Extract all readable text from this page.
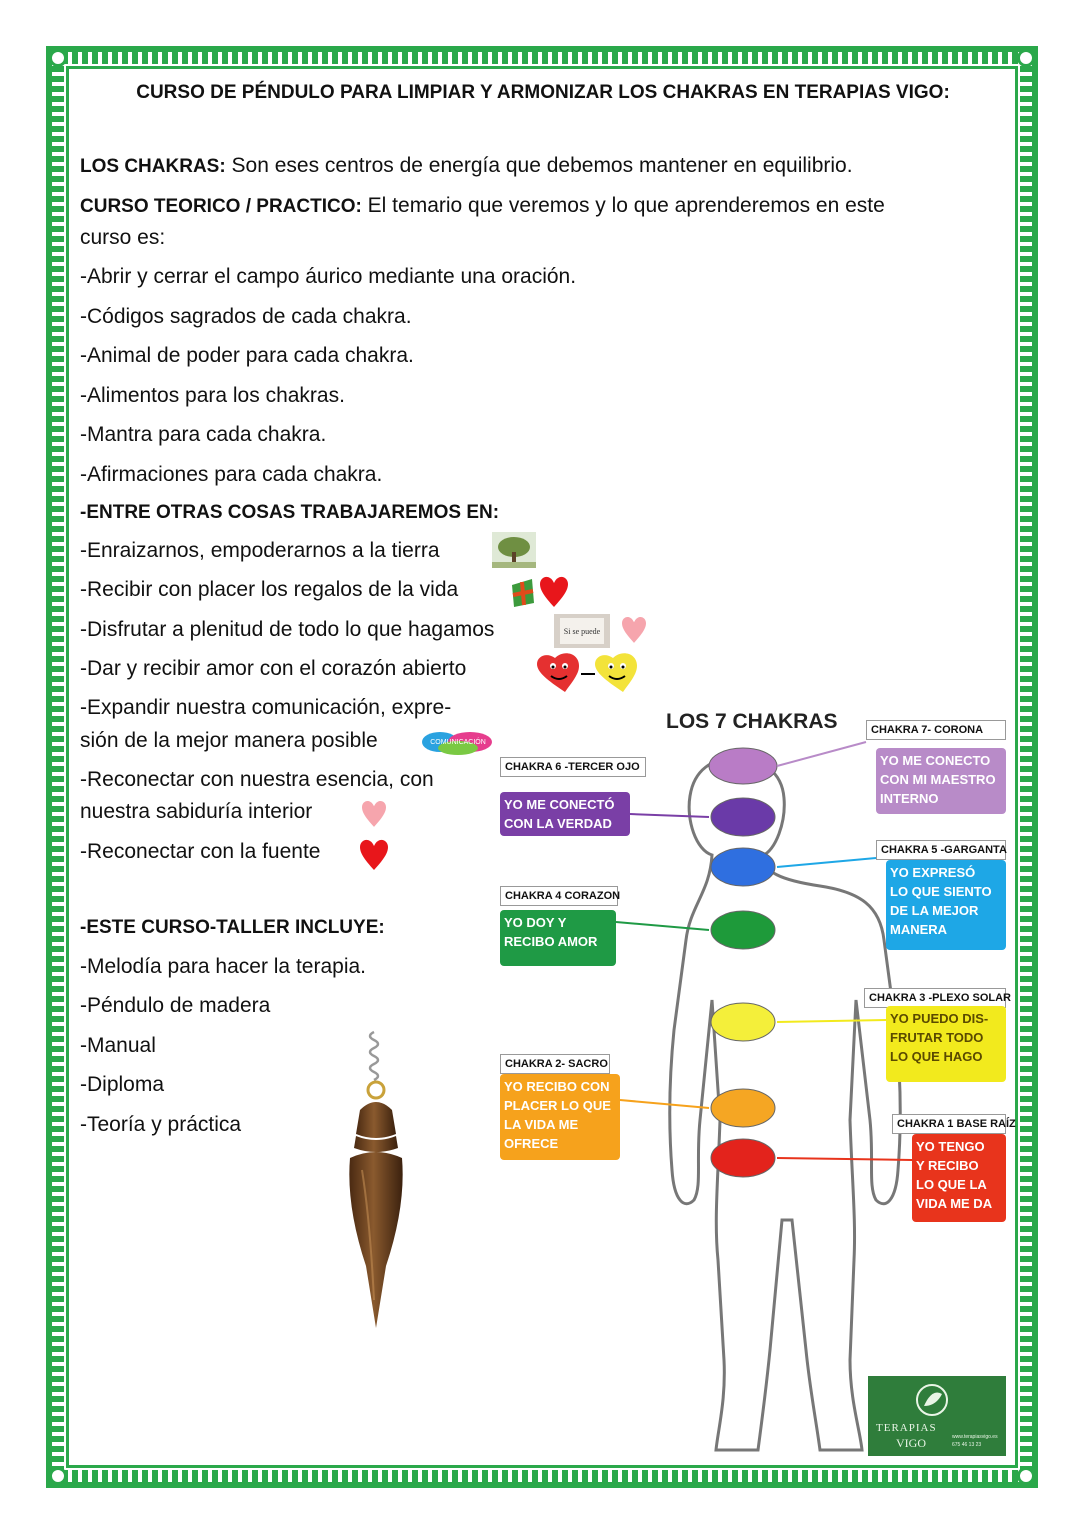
CURSO DE PÉNDULO PARA LIMPIAR Y ARMONIZAR LOS CHAKRAS EN TERAPIAS VIGO:
LOS CHAKRAS: Son eses centros de energía que debemos mantener en equilibrio.
CURSO TEORICO / PRACTICO: El temario que veremos y lo que aprenderemos en este
curso es:
-Abrir y cerrar el campo áurico mediante una oración.
-Códigos sagrados de cada chakra.
-Animal de poder para cada chakra.
-Alimentos para los chakras.
-Mantra para cada chakra.
-Afirmaciones para cada chakra.
-ENTRE OTRAS COSAS TRABAJAREMOS EN:
-Enraizarnos, empoderarnos a la tierra
-Recibir con placer los regalos de la vida
-Disfrutar a plenitud de todo lo que hagamos
-Dar y recibir amor con el corazón abierto
-Expandir nuestra comunicación, expre-
sión de la mejor manera posible
-Reconectar con nuestra esencia, con
nuestra sabiduría interior
-Reconectar con la fuente
-ESTE CURSO-TALLER INCLUYE:
-Melodía para hacer la terapia.
-Péndulo de madera
-Manual
-Diploma
-Teoría y práctica
Si se puede
COMUNICACIÓN
LOS 7 CHAKRAS	CHAKRA 7- CORONA
YO ME CONECTO
CON MI MAESTRO
INTERNO
CHAKRA 6 -TERCER OJO
YO ME CONECTÓ
CON LA VERDAD
CHAKRA 5 -GARGANTA
YO EXPRESÓ
LO QUE SIENTO
DE LA MEJOR
MANERA
CHAKRA 4 CORAZON
YO DOY Y
RECIBO AMOR
CHAKRA 3 -PLEXO SOLAR
YO PUEDO DIS-
FRUTAR TODO
LO QUE HAGO
CHAKRA 2- SACRO
YO RECIBO CON
PLACER LO QUE
LA VIDA ME
OFRECE
CHAKRA 1 BASE RAÍZ
YO TENGO
Y RECIBO
LO QUE LA
VIDA ME DA
TERAPIAS
VIGO	www.terapiasvigo.es
675 46 13 23
